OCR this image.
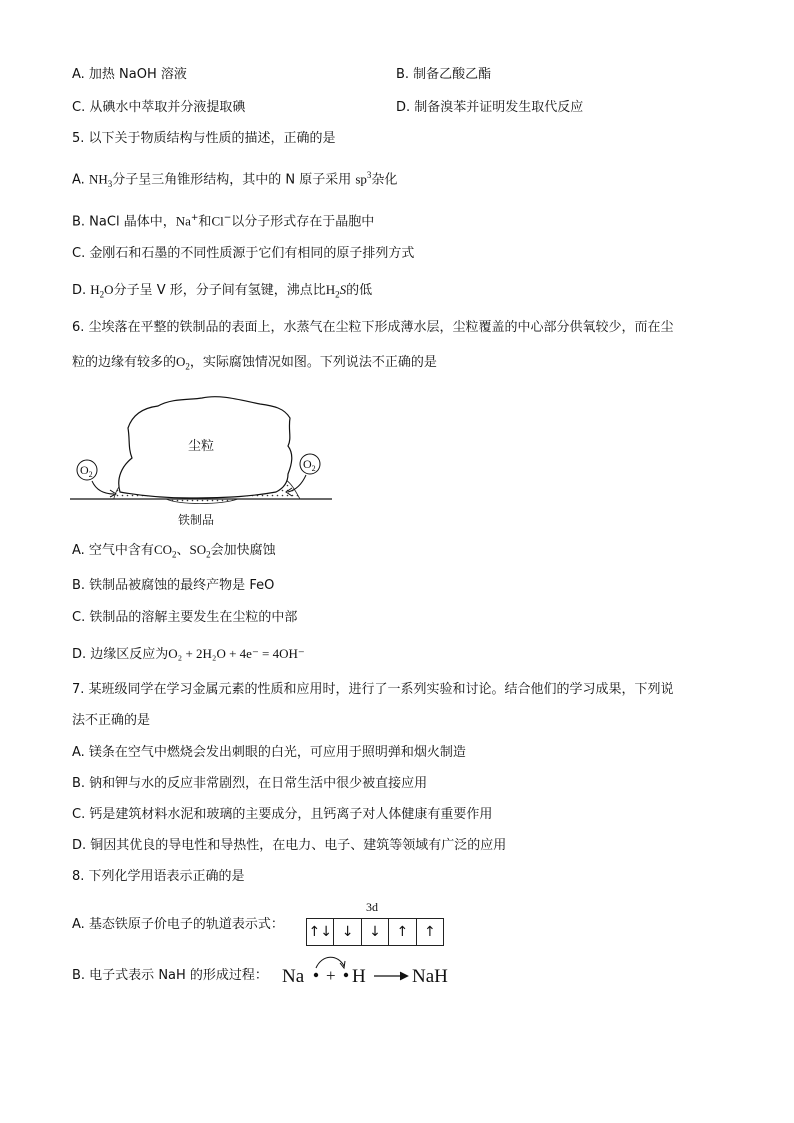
A. 加热 NaOH 溶液	B. 制备乙酸乙酯
C. 从碘水中萃取并分液提取碘	D. 制备溴苯并证明发生取代反应
5. 以下关于物质结构与性质的描述，正确的是
A. $NH_3$分子呈三角锥形结构，其中的 N 原子采用 $sp^3$杂化
B. NaCl 晶体中，Na+和Cl−以分子形式存在于晶胞中
C. 金刚石和石墨的不同性质源于它们有相同的原子排列方式
D. $H_2O$分子呈 V 形，分子间有氢键，沸点比$H_2S$的低
6. 尘埃落在平整的铁制品的表面上，水蒸气在尘粒下形成薄水层，尘粒覆盖的中心部分供氧较少，而在尘
粒的边缘有较多的$O_2$，实际腐蚀情况如图。下列说法不正确的是
尘粒
$O_2$
$O_2$
铁制品
A. 空气中含有$CO_2$、$SO_2$会加快腐蚀
B. 铁制品被腐蚀的最终产物是 FeO
C. 铁制品的溶解主要发生在尘粒的中部
D. 边缘区反应为O₂ + 2H₂O + 4e⁻ = 4OH⁻
7. 某班级同学在学习金属元素的性质和应用时，进行了一系列实验和讨论。结合他们的学习成果，下列说
法不正确的是
A. 镁条在空气中燃烧会发出刺眼的白光，可应用于照明弹和烟火制造
B. 钠和钾与水的反应非常剧烈，在日常生活中很少被直接应用
C. 钙是建筑材料水泥和玻璃的主要成分，且钙离子对人体健康有重要作用
D. 铜因其优良的导电性和导热性，在电力、电子、建筑等领域有广泛的应用
8. 下列化学用语表示正确的是
3d
A. 基态铁原子价电子的轨道表示式： ↑↓ ↓	↓	↑	↑
B. 电子式表示 NaH 的形成过程： Na + H NaH
